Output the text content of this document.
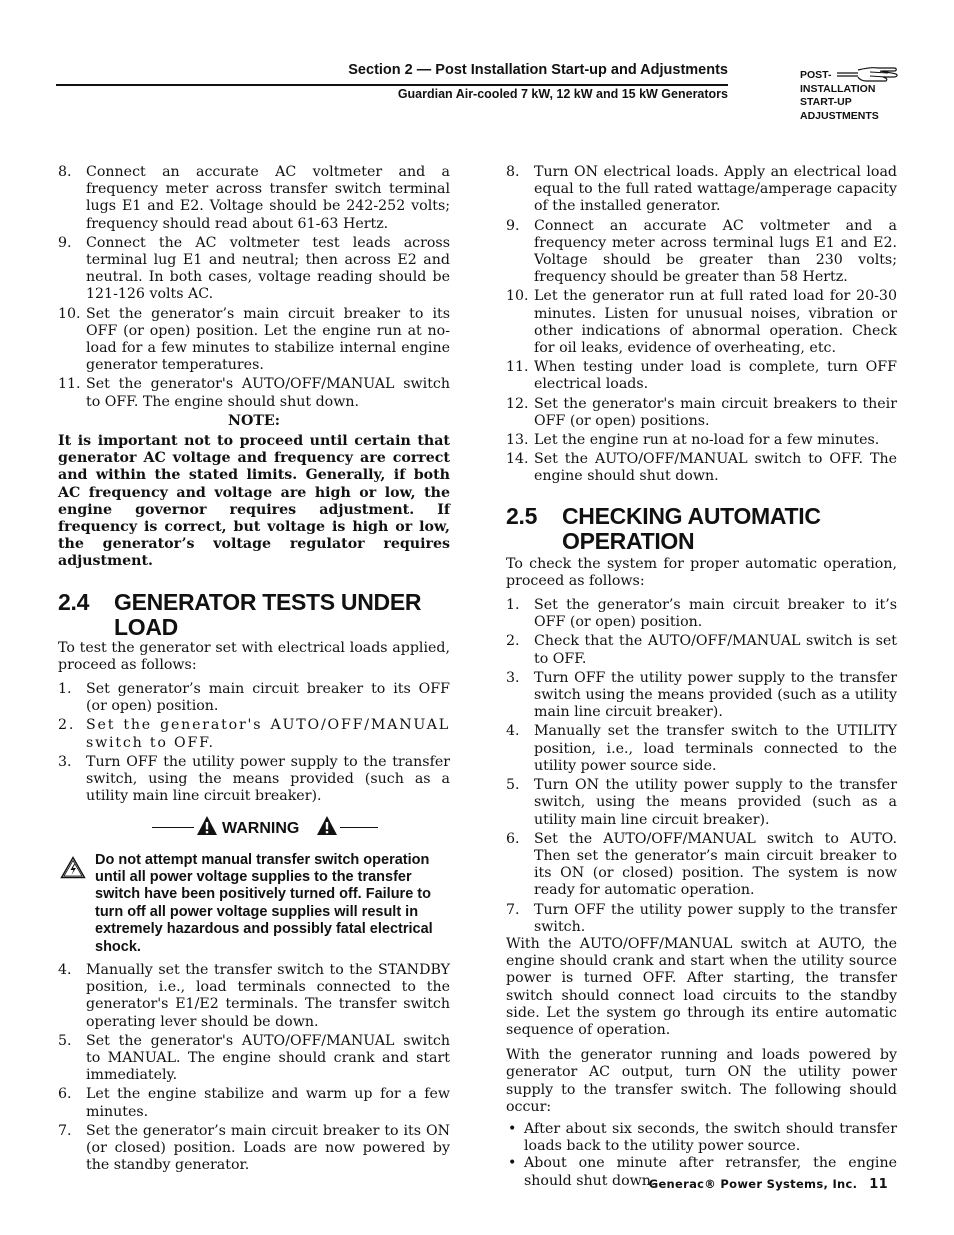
Section 2 — Post Installation Start-up and Adjustments
Guardian Air-cooled 7 kW, 12 kW and 15 kW Generators
POST-
INSTALLATION
START-UP
ADJUSTMENTS
8. Connect an accurate AC voltmeter and a frequency meter across transfer switch terminal lugs E1 and E2. Voltage should be 242-252 volts; frequency should read about 61-63 Hertz.
9. Connect the AC voltmeter test leads across terminal lug E1 and neutral; then across E2 and neutral. In both cases, voltage reading should be 121-126 volts AC.
10. Set the generator’s main circuit breaker to its OFF (or open) position. Let the engine run at no-load for a few minutes to stabilize internal engine generator temperatures.
11. Set the generator's AUTO/OFF/MANUAL switch to OFF. The engine should shut down.
NOTE:
It is important not to proceed until certain that generator AC voltage and frequency are correct and within the stated limits. Generally, if both AC frequency and voltage are high or low, the engine governor requires adjustment. If frequency is correct, but voltage is high or low, the generator’s voltage regulator requires adjustment.
2.4	GENERATOR TESTS UNDER LOAD

To test the generator set with electrical loads applied, proceed as follows:

1. Set generator’s main circuit breaker to its OFF (or open) position.
2. Set the generator's AUTO/OFF/MANUAL switch to OFF.
3. Turn OFF the utility power supply to the transfer switch, using the means provided (such as a utility main line circuit breaker).
WARNING
Do not attempt manual transfer switch operation until all power voltage supplies to the transfer switch have been positively turned off. Failure to turn off all power voltage supplies will result in extremely hazardous and possibly fatal electrical shock.
4. Manually set the transfer switch to the STANDBY position, i.e., load terminals connected to the generator's E1/E2 terminals. The transfer switch operating lever should be down.
5. Set the generator's AUTO/OFF/MANUAL switch to MANUAL. The engine should crank and start immediately.
6. Let the engine stabilize and warm up for a few minutes.
7. Set the generator’s main circuit breaker to its ON (or closed) position. Loads are now powered by the standby generator.
8. Turn ON electrical loads. Apply an electrical load equal to the full rated wattage/amperage capacity of the installed generator.
9. Connect an accurate AC voltmeter and a frequency meter across terminal lugs E1 and E2. Voltage should be greater than 230 volts; frequency should be greater than 58 Hertz.
10. Let the generator run at full rated load for 20-30 minutes. Listen for unusual noises, vibration or other indications of abnormal operation. Check for oil leaks, evidence of overheating, etc.
11. When testing under load is complete, turn OFF electrical loads.
12. Set the generator's main circuit breakers to their OFF (or open) positions.
13. Let the engine run at no-load for a few minutes.
14. Set the AUTO/OFF/MANUAL switch to OFF. The engine should shut down.
2.5	CHECKING AUTOMATIC
OPERATION

To check the system for proper automatic operation, proceed as follows:

1. Set the generator’s main circuit breaker to it’s OFF (or open) position.
2. Check that the AUTO/OFF/MANUAL switch is set to OFF.
3. Turn OFF the utility power supply to the transfer switch using the means provided (such as a utility main line circuit breaker).
4. Manually set the transfer switch to the UTILITY position, i.e., load terminals connected to the utility power source side.
5. Turn ON the utility power supply to the transfer switch, using the means provided (such as a utility main line circuit breaker).
6. Set the AUTO/OFF/MANUAL switch to AUTO. Then set the generator’s main circuit breaker to its ON (or closed) position. The system is now ready for automatic operation.
7. Turn OFF the utility power supply to the transfer switch.

With the AUTO/OFF/MANUAL switch at AUTO, the engine should crank and start when the utility source power is turned OFF. After starting, the transfer switch should connect load circuits to the standby side. Let the system go through its entire automatic sequence of operation.

With the generator running and loads powered by generator AC output, turn ON the utility power supply to the transfer switch. The following should occur:

• After about six seconds, the switch should transfer loads back to the utility power source.
• About one minute after retransfer, the engine should shut down.
Generac® Power Systems, Inc. 11
